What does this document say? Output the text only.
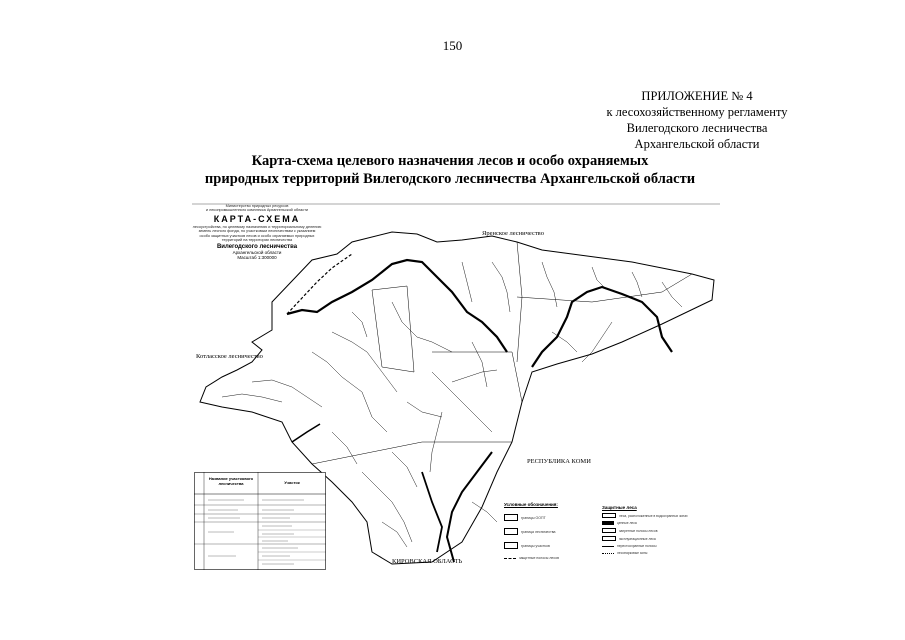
150
ПРИЛОЖЕНИЕ № 4
к лесохозяйственному регламенту
Вилегодского лесничества
Архангельской области
Карта-схема целевого назначения лесов и особо охраняемых
природных территорий Вилегодского лесничества Архангельской области
Министерство природных ресурсов
и лесопромышленного комплекса Архангельской области
КАРТА-СХЕМА
лесоустройства, по целевому назначению и территориальному делению
земель лесного фонда, по участковым лесничествам с указанием
особо защитных участков лесов и особо охраняемых природных
территорий на территории лесничества
Вилегодского лесничества
Архангельской области
Масштаб 1:300000
Яренское лесничество
Котласское лесничество
РЕСПУБЛИКА КОМИ
КИРОВСКАЯ ОБЛАСТЬ
Название участкового лесничества	Участок
Условные обозначения:
границы ООПТ
граница лесничества
границы участков
защитные полосы лесов
Защитные леса
леса, расположенные в водоохранных зонах
ценные леса
запретные полосы лесов
эксплуатационные леса
нерестоохранные полосы
лесопарковые зоны
